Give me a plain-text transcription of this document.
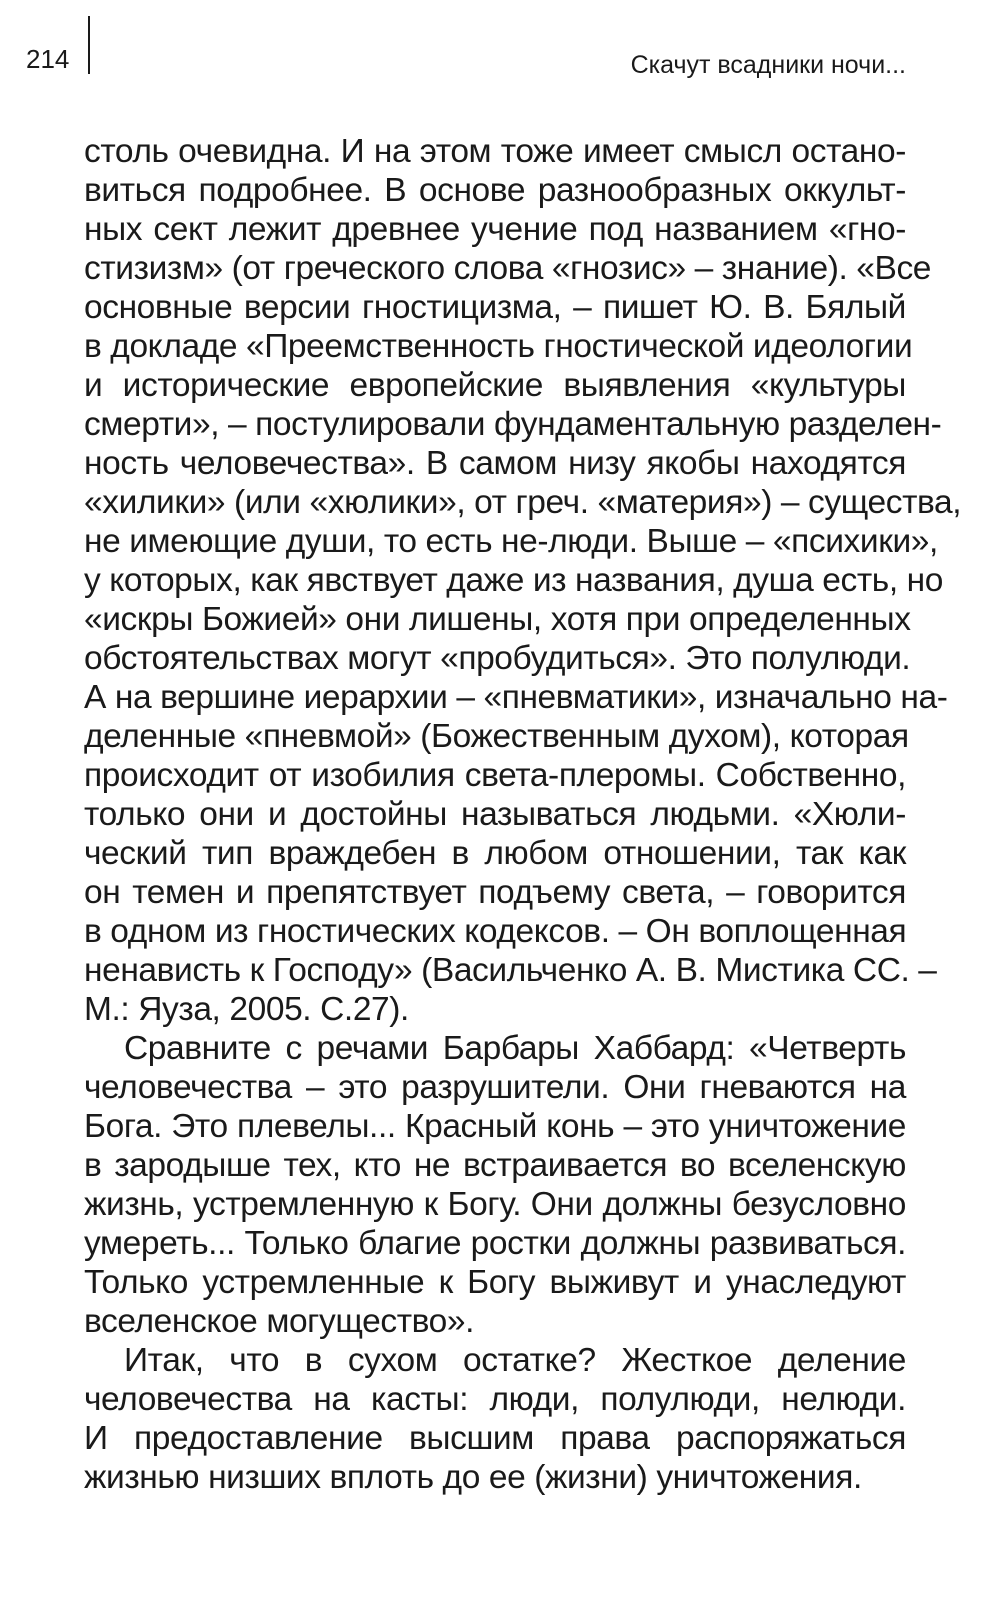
214	Скачут всадники ночи...
столь очевидна. И на этом тоже имеет смысл остано-
виться подробнее. В основе разнообразных оккульт-
ных сект лежит древнее учение под названием «гно-
стизизм» (от греческого слова «гнозис» – знание). «Все
основные версии гностицизма, – пишет Ю. В. Бялый
в докладе «Преемственность гностической идеологии
и исторические европейские выявления «культуры
смерти», – постулировали фундаментальную разделен-
ность человечества». В самом низу якобы находятся
«хилики» (или «хюлики», от греч. «материя») – существа,
не имеющие души, то есть не-люди. Выше – «психики»,
у которых, как явствует даже из названия, душа есть, но
«искры Божией» они лишены, хотя при определенных
обстоятельствах могут «пробудиться». Это полулюди.
А на вершине иерархии – «пневматики», изначально на-
деленные «пневмой» (Божественным духом), которая
происходит от изобилия света-плеромы. Собственно,
только они и достойны называться людьми. «Хюли-
ческий тип враждебен в любом отношении, так как
он темен и препятствует подъему света, – говорится
в одном из гностических кодексов. – Он воплощенная
ненависть к Господу» (Васильченко А. В. Мистика СС. –
М.: Яуза, 2005. С.27).
Сравните с речами Барбары Хаббард: «Четверть
человечества – это разрушители. Они гневаются на
Бога. Это плевелы... Красный конь – это уничтожение
в зародыше тех, кто не встраивается во вселенскую
жизнь, устремленную к Богу. Они должны безусловно
умереть... Только благие ростки должны развиваться.
Только устремленные к Богу выживут и унаследуют
вселенское могущество».
Итак, что в сухом остатке? Жесткое деление
человечества на касты: люди, полулюди, нелюди.
И предоставление высшим права распоряжаться
жизнью низших вплоть до ее (жизни) уничтожения.
